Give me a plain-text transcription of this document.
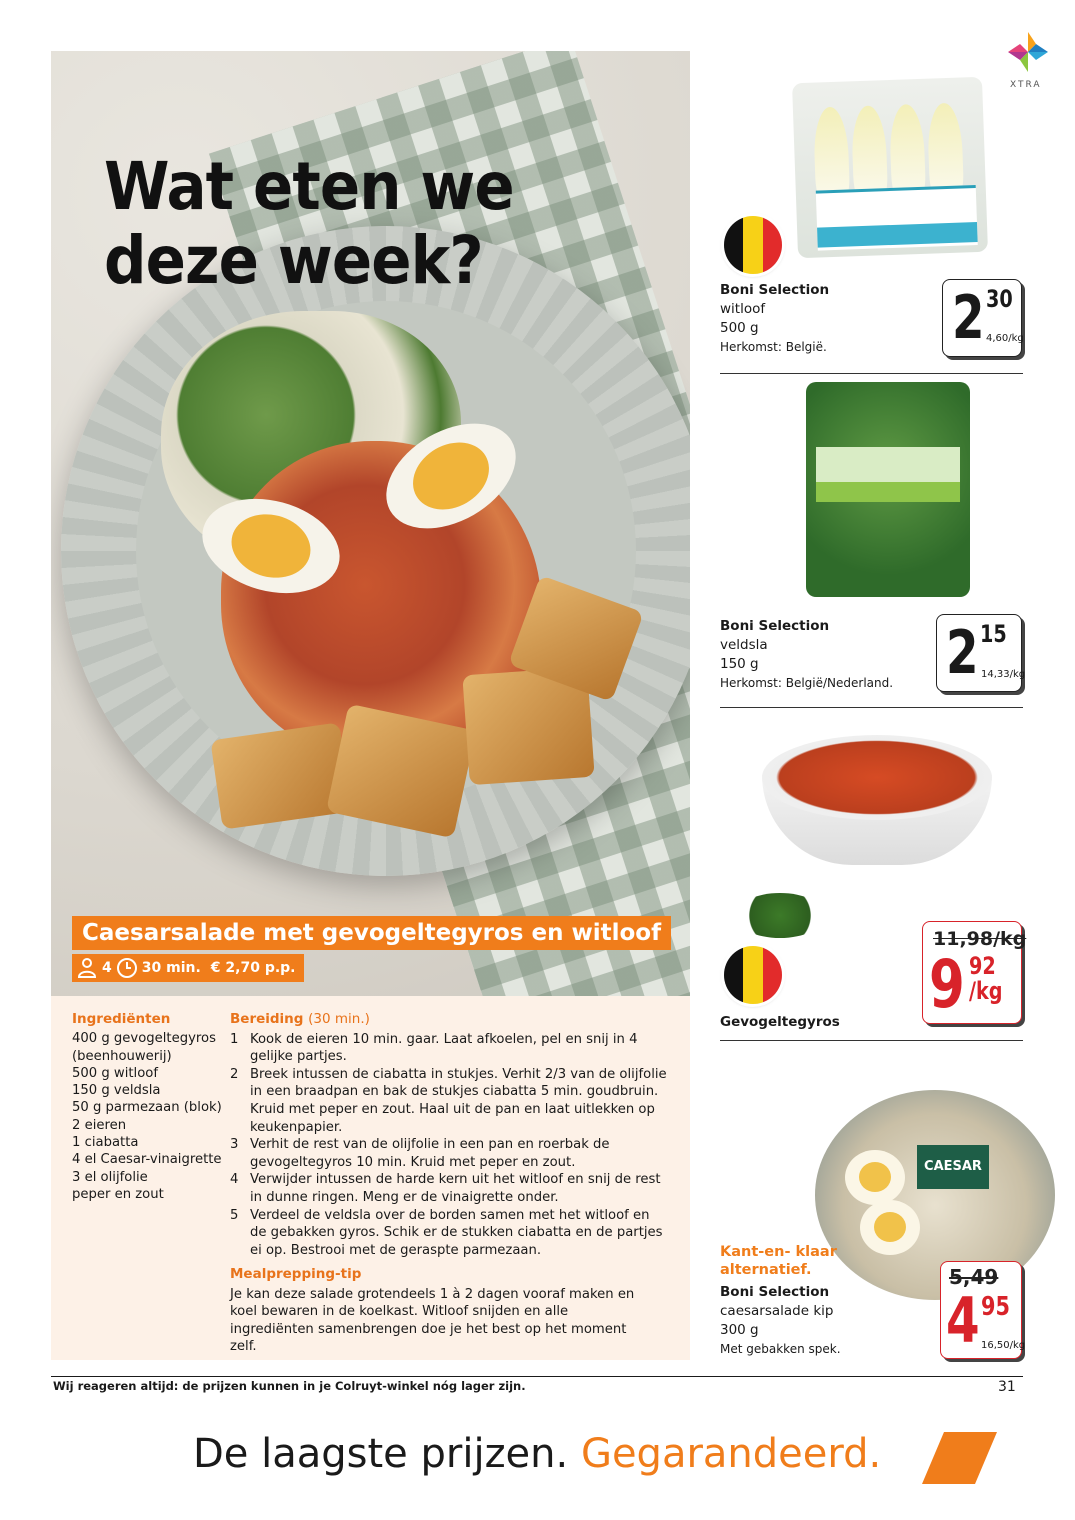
Wat eten we
deze week?
Caesarsalade met gevogeltegyros en witloof
4 30 min. € 2,70 p.p.
Ingrediënten
400 g gevogeltegyros
(beenhouwerij)
500 g witloof
150 g veldsla
50 g parmezaan (blok)
2 eieren
1 ciabatta
4 el Caesar-vinaigrette
3 el olijfolie
peper en zout
Bereiding (30 min.)
1 Kook de eieren 10 min. gaar. Laat afkoelen, pel en snij in 4 gelijke partjes.
2 Breek intussen de ciabatta in stukjes. Verhit 2/3 van de olijfolie in een braadpan en bak de stukjes ciabatta 5 min. goudbruin. Kruid met peper en zout. Haal uit de pan en laat uitlekken op keukenpapier.
3 Verhit de rest van de olijfolie in een pan en roerbak de gevogeltegyros 10 min. Kruid met peper en zout.
4 Verwijder intussen de harde kern uit het witloof en snij de rest in dunne ringen. Meng er de vinaigrette onder.
5 Verdeel de veldsla over de borden samen met het witloof en de gebakken gyros. Schik er de stukken ciabatta en de partjes ei op. Bestrooi met de geraspte parmezaan.
Mealprepping-tip
Je kan deze salade grotendeels 1 à 2 dagen vooraf maken en koel bewaren in de koelkast. Witloof snijden en alle ingrediënten samenbrengen doe je het best op het moment zelf.
XTRA
Boni Selection
witloof
500 g
Herkomst: België. 2 30
4,60/kg
Boni Selection
veldsla
150 g
Herkomst: België/Nederland. 2 15
14,33/kg
Gevogeltegyros
11,98/kg
9 92
/kg
CAESAR
Kant-en- klaar alternatief.
Boni Selection
caesarsalade kip
300 g
Met gebakken spek.
5,49
4 95
16,50/kg
Wij reageren altijd: de prijzen kunnen in je Colruyt-winkel nóg lager zijn.	31
De laagste prijzen. Gegarandeerd.
